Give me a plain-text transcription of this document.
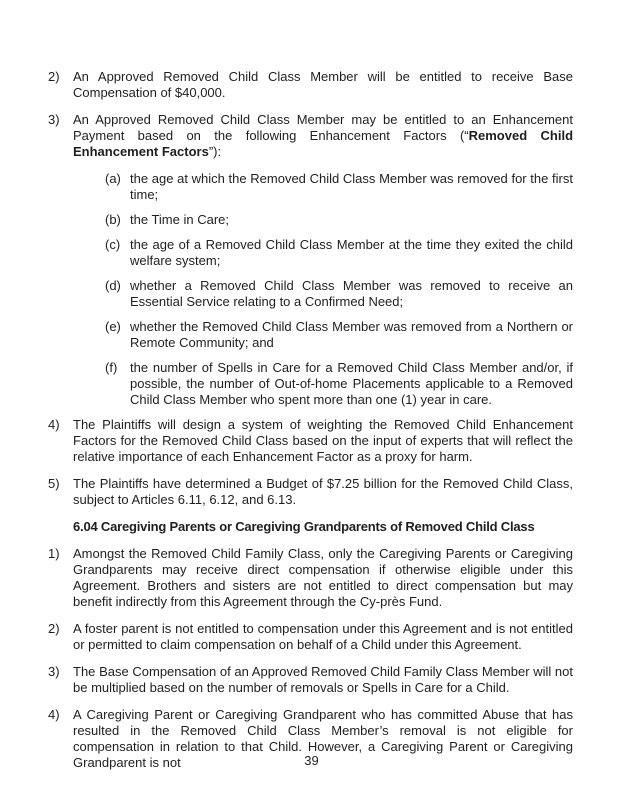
2)	An Approved Removed Child Class Member will be entitled to receive Base Compensation of $40,000.
3)	An Approved Removed Child Class Member may be entitled to an Enhancement Payment based on the following Enhancement Factors (“Removed Child Enhancement Factors”):
(a) the age at which the Removed Child Class Member was removed for the first time;
(b) the Time in Care;
(c) the age of a Removed Child Class Member at the time they exited the child welfare system;
(d) whether a Removed Child Class Member was removed to receive an Essential Service relating to a Confirmed Need;
(e) whether the Removed Child Class Member was removed from a Northern or Remote Community; and
(f) the number of Spells in Care for a Removed Child Class Member and/or, if possible, the number of Out-of-home Placements applicable to a Removed Child Class Member who spent more than one (1) year in care.
4)	The Plaintiffs will design a system of weighting the Removed Child Enhancement Factors for the Removed Child Class based on the input of experts that will reflect the relative importance of each Enhancement Factor as a proxy for harm.
5)	The Plaintiffs have determined a Budget of $7.25 billion for the Removed Child Class, subject to Articles 6.11, 6.12, and 6.13.
6.04 Caregiving Parents or Caregiving Grandparents of Removed Child Class
1)	Amongst the Removed Child Family Class, only the Caregiving Parents or Caregiving Grandparents may receive direct compensation if otherwise eligible under this Agreement. Brothers and sisters are not entitled to direct compensation but may benefit indirectly from this Agreement through the Cy-près Fund.
2)	A foster parent is not entitled to compensation under this Agreement and is not entitled or permitted to claim compensation on behalf of a Child under this Agreement.
3)	The Base Compensation of an Approved Removed Child Family Class Member will not be multiplied based on the number of removals or Spells in Care for a Child.
4)	A Caregiving Parent or Caregiving Grandparent who has committed Abuse that has resulted in the Removed Child Class Member’s removal is not eligible for compensation in relation to that Child. However, a Caregiving Parent or Caregiving Grandparent is not	39
